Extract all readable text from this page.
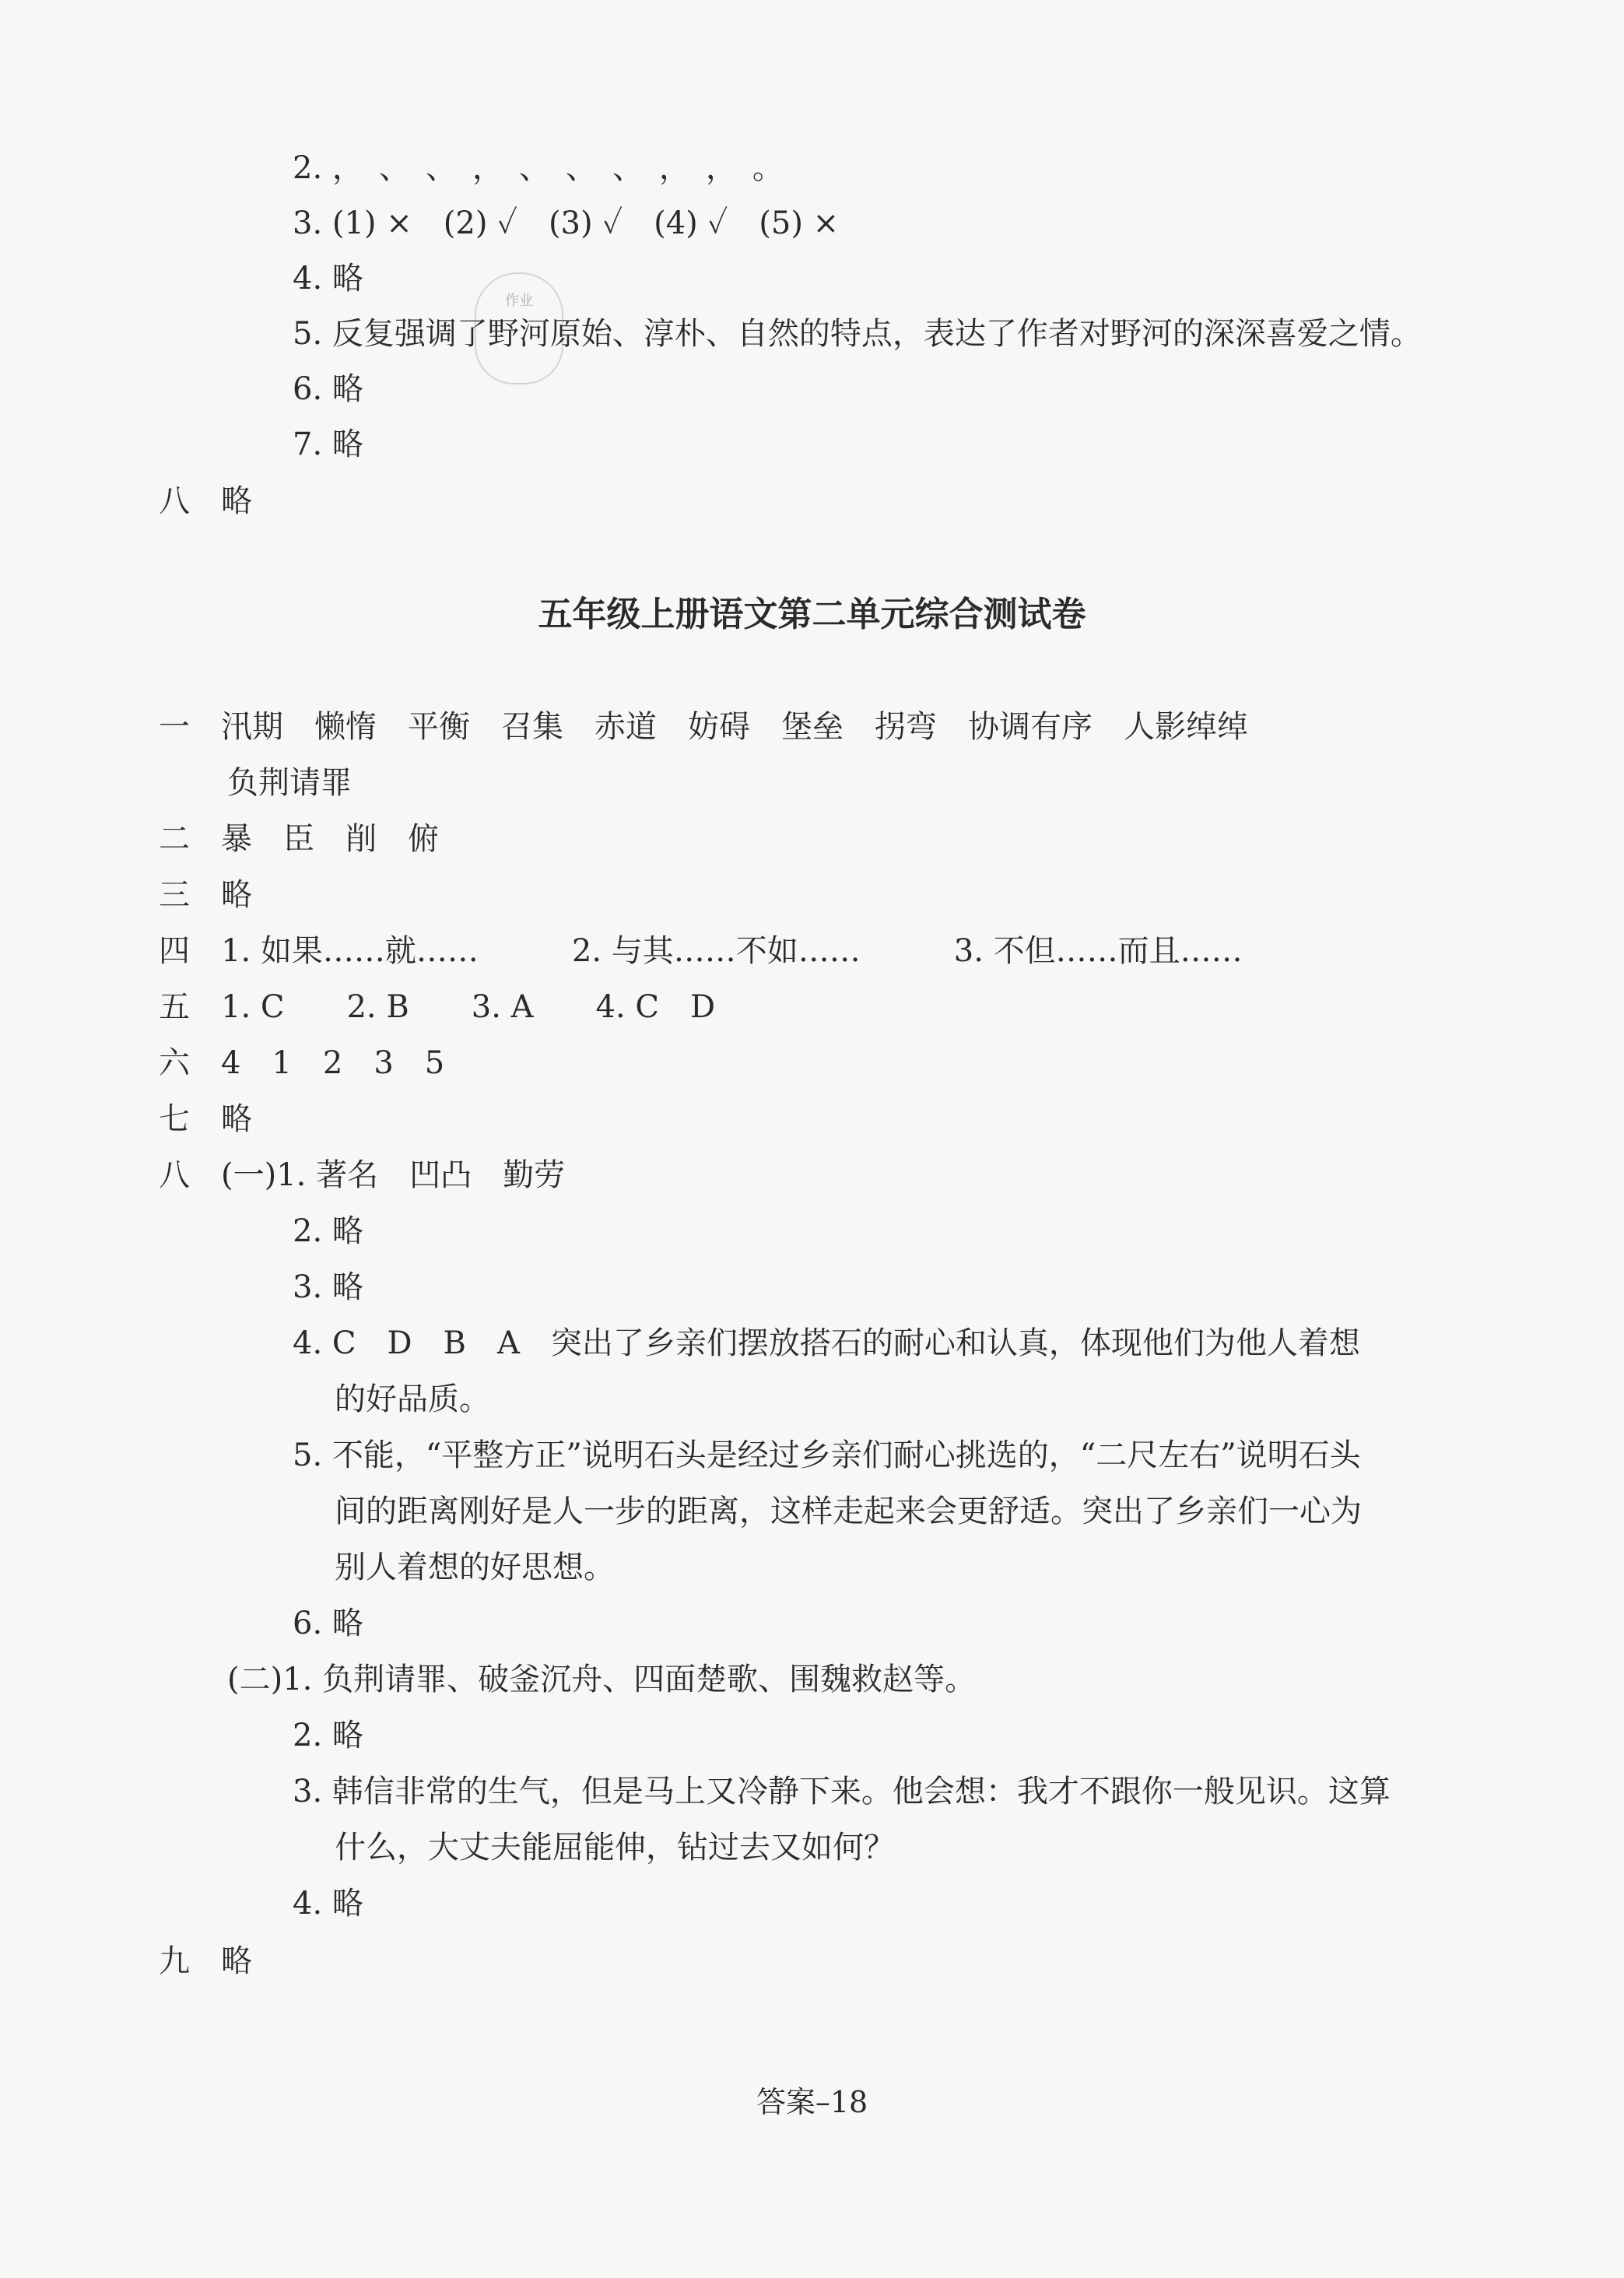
作业
2. ，　、　、　，　、　、　、　，　，　。
3. (1) ×　(2) ✓　(3) ✓　(4) ✓　(5) ×
4. 略
5. 反复强调了野河原始、淳朴、自然的特点，表达了作者对野河的深深喜爱之情。
6. 略
7. 略
八　略
五年级上册语文第二单元综合测试卷
一　汛期　懒惰　平衡　召集　赤道　妨碍　堡垒　拐弯　协调有序　人影绰绰
负荆请罪
二　暴　臣　削　俯
三　略
四　1. 如果……就……　　　2. 与其……不如……　　　3. 不但……而且……
五　1. C　　2. B　　3. A　　4. C　D
六　4　1　2　3　5
七　略
八　(一)1. 著名　凹凸　勤劳
2. 略
3. 略
4. C　D　B　A　突出了乡亲们摆放搭石的耐心和认真，体现他们为他人着想
的好品质。
5. 不能，“平整方正”说明石头是经过乡亲们耐心挑选的，“二尺左右”说明石头
间的距离刚好是人一步的距离，这样走起来会更舒适。突出了乡亲们一心为
别人着想的好思想。
6. 略
(二)1. 负荆请罪、破釜沉舟、四面楚歌、围魏救赵等。
2. 略
3. 韩信非常的生气，但是马上又冷静下来。他会想：我才不跟你一般见识。这算
什么，大丈夫能屈能伸，钻过去又如何？
4. 略
九　略
答案–18
